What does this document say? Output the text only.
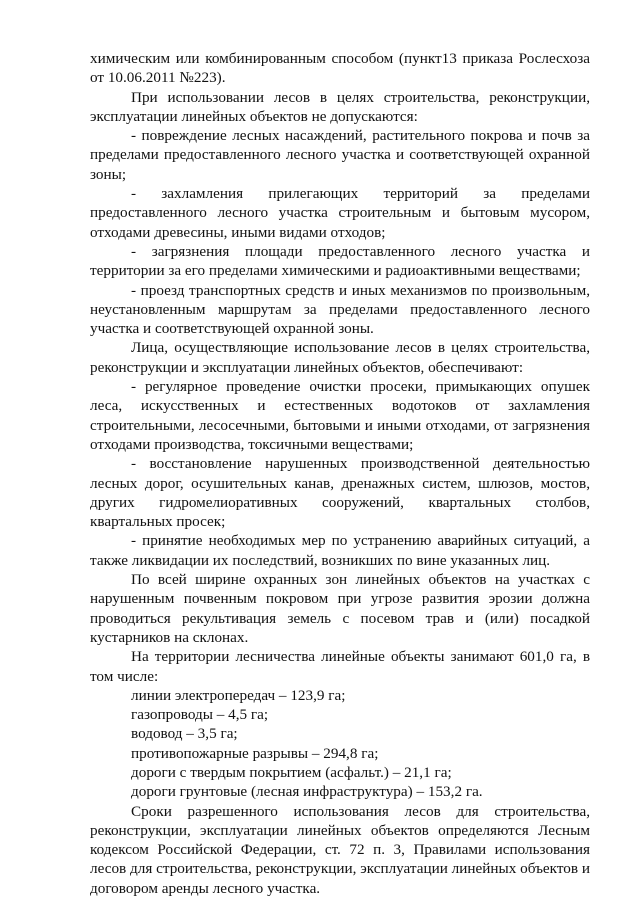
химическим или комбинированным способом (пункт13 приказа Рослесхоза от 10.06.2011 №223).

При использовании лесов в целях строительства, реконструкции, эксплуатации линейных объектов не допускаются:

- повреждение лесных насаждений, растительного покрова и почв за пределами предоставленного лесного участка и соответствующей охранной зоны;

- захламления прилегающих территорий за пределами предоставленного лесного участка строительным и бытовым мусором, отходами древесины, иными видами отходов;

- загрязнения площади предоставленного лесного участка и территории за его пределами химическими и радиоактивными веществами;

- проезд транспортных средств и иных механизмов по произвольным, неустановленным маршрутам за пределами предоставленного лесного участка и соответствующей охранной зоны.

Лица, осуществляющие использование лесов в целях строительства, реконструкции и эксплуатации линейных объектов, обеспечивают:

- регулярное проведение очистки просеки, примыкающих опушек леса, искусственных и естественных водотоков от захламления строительными, лесосечными, бытовыми и иными отходами, от загрязнения отходами производства, токсичными веществами;

- восстановление нарушенных производственной деятельностью лесных дорог, осушительных канав, дренажных систем, шлюзов, мостов, других гидромелиоративных сооружений, квартальных столбов, квартальных просек;

- принятие необходимых мер по устранению аварийных ситуаций, а также ликвидации их последствий, возникших по вине указанных лиц.

По всей ширине охранных зон линейных объектов на участках с нарушенным почвенным покровом при угрозе развития эрозии должна проводиться рекультивация земель с посевом трав и (или) посадкой кустарников на склонах.

На территории лесничества линейные объекты занимают 601,0 га, в том числе:

линии электропередач – 123,9 га;
газопроводы – 4,5 га;
водовод – 3,5 га;
противопожарные разрывы – 294,8 га;
дороги с твердым покрытием (асфальт.) – 21,1 га;
дороги грунтовые (лесная инфраструктура) – 153,2 га.

Сроки разрешенного использования лесов для строительства, реконструкции, эксплуатации линейных объектов определяются Лесным кодексом Российской Федерации, ст. 72 п. 3, Правилами использования лесов для строительства, реконструкции, эксплуатации линейных объектов и договором аренды лесного участка.
